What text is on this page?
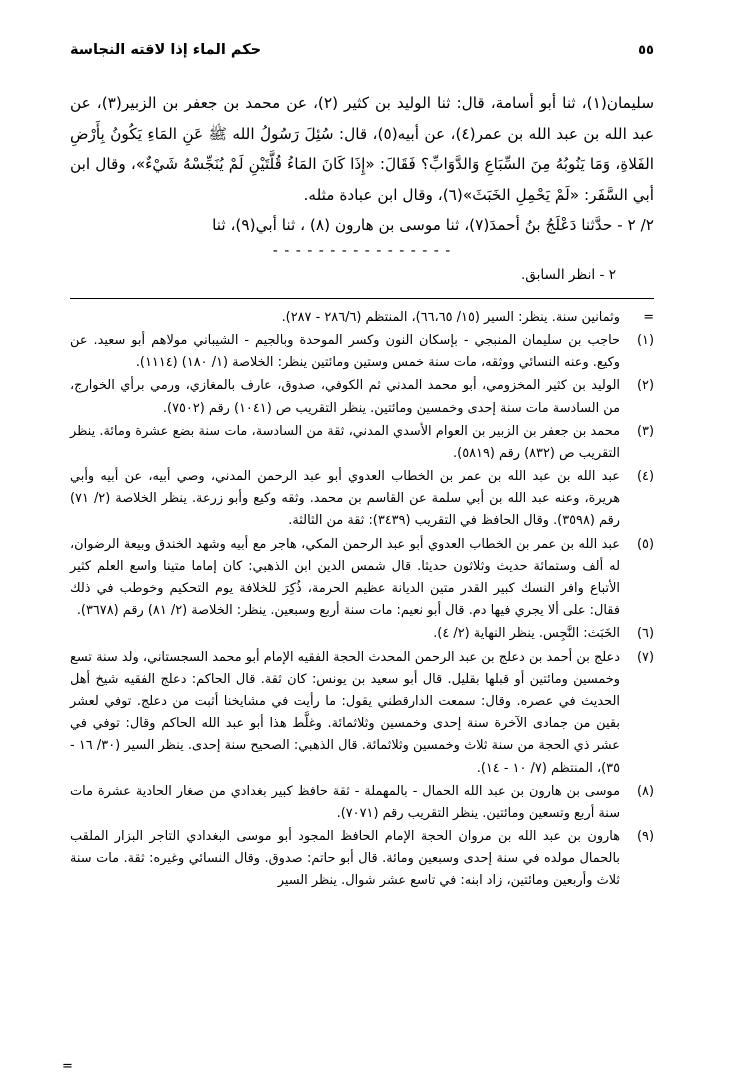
حكم الماء إذا لاقته النجاسة	٥٥

سليمان(١)، ثنا أبو أسامة، قال: ثنا الوليد بن كثير (٢)، عن محمد بن جعفر بن الزبير(٣)، عن عبد الله بن عبد الله بن عمر(٤)، عن أبيه(٥)، قال: سُئِلَ رَسُولُ الله ﷺ عَنِ المَاءِ يَكُونُ بِأَرْضِ الفَلاةِ، وَمَا يَنُوبُهُ مِنَ السِّبَاعِ وَالدَّوَابِّ؟ فَقَالَ: «إِذَا كَانَ المَاءُ قُلَّتَيْنِ لَمْ يُنَجِّسْهُ شَيْءٌ»، وقال ابن أبي السَّفَر: «لَمْ يَحْمِلِ الخَبَثَ»(٦)، وقال ابن عبادة مثله.

٢/ ٢ - حدَّثنا دَعْلَجُ بنُ أحمدَ(٧)، ثنا موسى بن هارون (٨) ، ثنا أبي(٩)، ثنا

- - - - - - - - - - - - - - - -
٢ - انظر السابق.
=
وثمانين سنة. ينظر: السير (١٥/ ٦٦،٦٥)، المنتظم (٢٨٦/٦ - ٢٨٧).
(١)
حاجب بن سليمان المنبجي - بإسكان النون وكسر الموحدة وبالجيم - الشيباني مولاهم أبو سعيد. عن وكيع. وعنه النسائي ووثقه، مات سنة خمس وستين ومائتين ينظر: الخلاصة (١/ ١٨٠) (١١١٤).
(٢)
الوليد بن كثير المخزومي، أبو محمد المدني ثم الكوفي، صدوق، عارف بالمغازي، ورمي برأي الخوارج، من السادسة مات سنة إحدى وخمسين ومائتين. ينظر التقريب ص (١٠٤١) رقم (٧٥٠٢).
(٣)
محمد بن جعفر بن الزبير بن العوام الأسدي المدني، ثقة من السادسة، مات سنة بضع عشرة ومائة. ينظر التقريب ص (٨٣٢) رقم (٥٨١٩).
(٤)
عبد الله بن عبد الله بن عمر بن الخطاب العدوي أبو عبد الرحمن المدني، وصي أبيه، عن أبيه وأبي هريرة، وعنه عبد الله بن أبي سلمة عن القاسم بن محمد. وثقه وكيع وأبو زرعة. ينظر الخلاصة (٢/ ٧١) رقم (٣٥٩٨). وقال الحافظ في التقريب (٣٤٣٩): ثقة من الثالثة.
(٥)
عبد الله بن عمر بن الخطاب العدوي أبو عبد الرحمن المكي، هاجر مع أبيه وشهد الخندق وبيعة الرضوان، له ألف وستمائة حديث وثلاثون حديثا. قال شمس الدين ابن الذهبي: كان إماما متينا واسع العلم كثير الأتباع وافر النسك كبير القدر متين الديانة عظيم الحرمة، ذُكِرَ للخلافة يوم التحكيم وخوطب في ذلك فقال: على ألا يجري فيها دم. قال أبو نعيم: مات سنة أربع وسبعين. ينظر: الخلاصة (٢/ ٨١) رقم (٣٦٧٨).
(٦)
الخَبَث: النَّجِس. ينظر النهاية (٢/ ٤).
(٧)
دعلج بن أحمد بن دعلج بن عبد الرحمن المحدث الحجة الفقيه الإمام أبو محمد السجستاني، ولد سنة تسع وخمسين ومائتين أو قبلها بقليل. قال أبو سعيد بن يونس: كان ثقة. قال الحاكم: دعلج الفقيه شيخ أهل الحديث في عصره. وقال: سمعت الدارقطني يقول: ما رأيت في مشايخنا أثبت من دعلج. توفي لعشر بقين من جمادى الآخرة سنة إحدى وخمسين وثلاثمائة. وغلَّط هذا أبو عبد الله الحاكم وقال: توفي في عشر ذي الحجة من سنة ثلاث وخمسين وثلاثمائة. قال الذهبي: الصحيح سنة إحدى. ينظر السير (٣٠/ ١٦ - ٣٥)، المنتظم (٧/ ١٠ - ١٤).
(٨)
موسى بن هارون بن عبد الله الحمال - بالمهملة - ثقة حافظ كبير بغدادي من صغار الحادية عشرة مات سنة أربع وتسعين ومائتين. ينظر التقريب رقم (٧٠٧١).
(٩)
هارون بن عبد الله بن مروان الحجة الإمام الحافظ المجود أبو موسى البغدادي التاجر البزار الملقب بالحمال مولده في سنة إحدى وسبعين ومائة. قال أبو حاتم: صدوق. وقال النسائي وغيره: ثقة. مات سنة ثلاث وأربعين ومائتين، زاد ابنه: في تاسع عشر شوال. ينظر السير
=
